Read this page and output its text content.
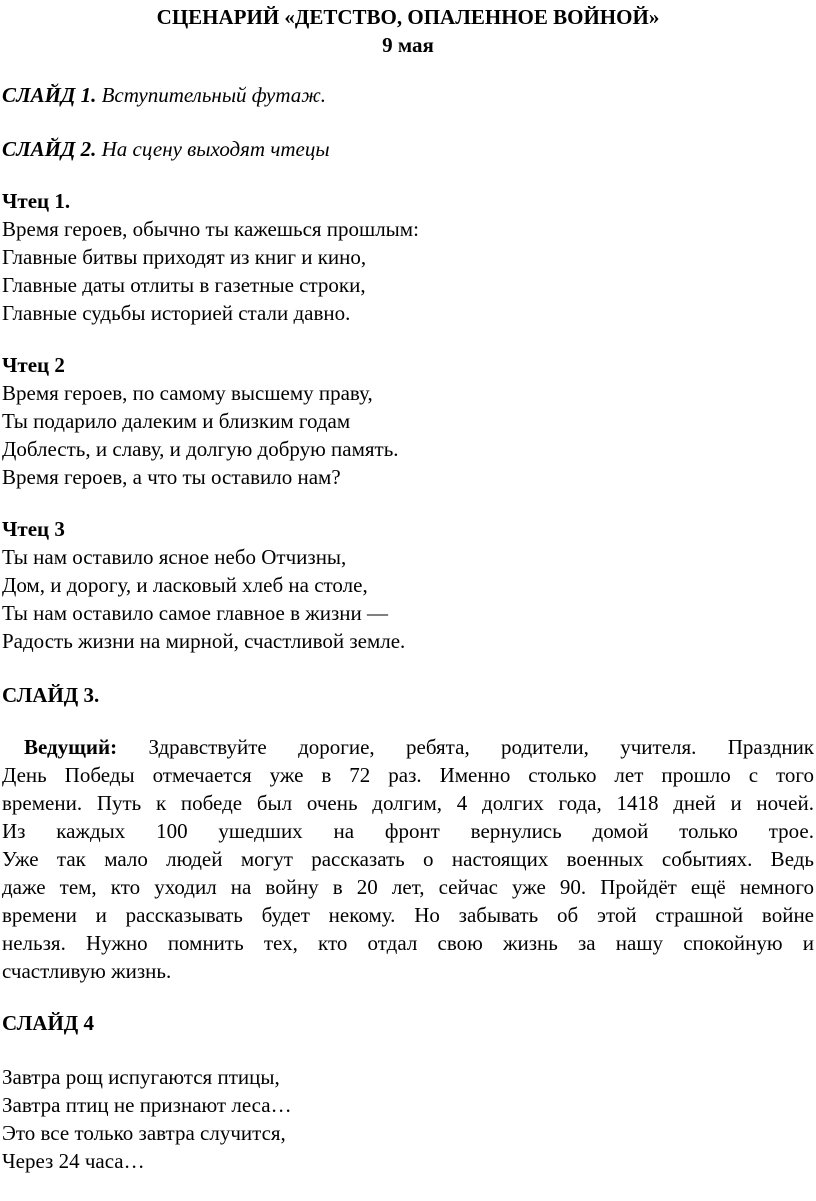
СЦЕНАРИЙ «ДЕТСТВО, ОПАЛЕННОЕ ВОЙНОЙ»
9 мая
СЛАЙД 1. Вступительный футаж.
СЛАЙД 2. На сцену выходят чтецы
Чтец 1.
Время героев, обычно ты кажешься прошлым:
Главные битвы приходят из книг и кино,
Главные даты отлиты в газетные строки,
Главные судьбы историей стали давно.
Чтец 2
Время героев, по самому высшему праву,
Ты подарило далеким и близким годам
Доблесть, и славу, и долгую добрую память.
Время героев, а что ты оставило нам?
Чтец 3
Ты нам оставило ясное небо Отчизны,
Дом, и дорогу, и ласковый хлеб на столе,
Ты нам оставило самое главное в жизни —
Радость жизни на мирной, счастливой земле.
СЛАЙД 3.
Ведущий: Здравствуйте дорогие, ребята, родители, учителя. Праздник
День Победы отмечается уже в 72 раз. Именно столько лет прошло с того
времени. Путь к победе был очень долгим, 4 долгих года, 1418 дней и ночей.
Из каждых 100 ушедших на фронт вернулись домой только трое.
Уже так мало людей могут рассказать о настоящих военных событиях. Ведь
даже тем, кто уходил на войну в 20 лет, сейчас уже 90. Пройдёт ещё немного
времени и рассказывать будет некому. Но забывать об этой страшной войне
нельзя. Нужно помнить тех, кто отдал свою жизнь за нашу спокойную и
счастливую жизнь.
СЛАЙД 4
Завтра рощ испугаются птицы,
Завтра птиц не признают леса…
Это все только завтра случится,
Через 24 часа…
